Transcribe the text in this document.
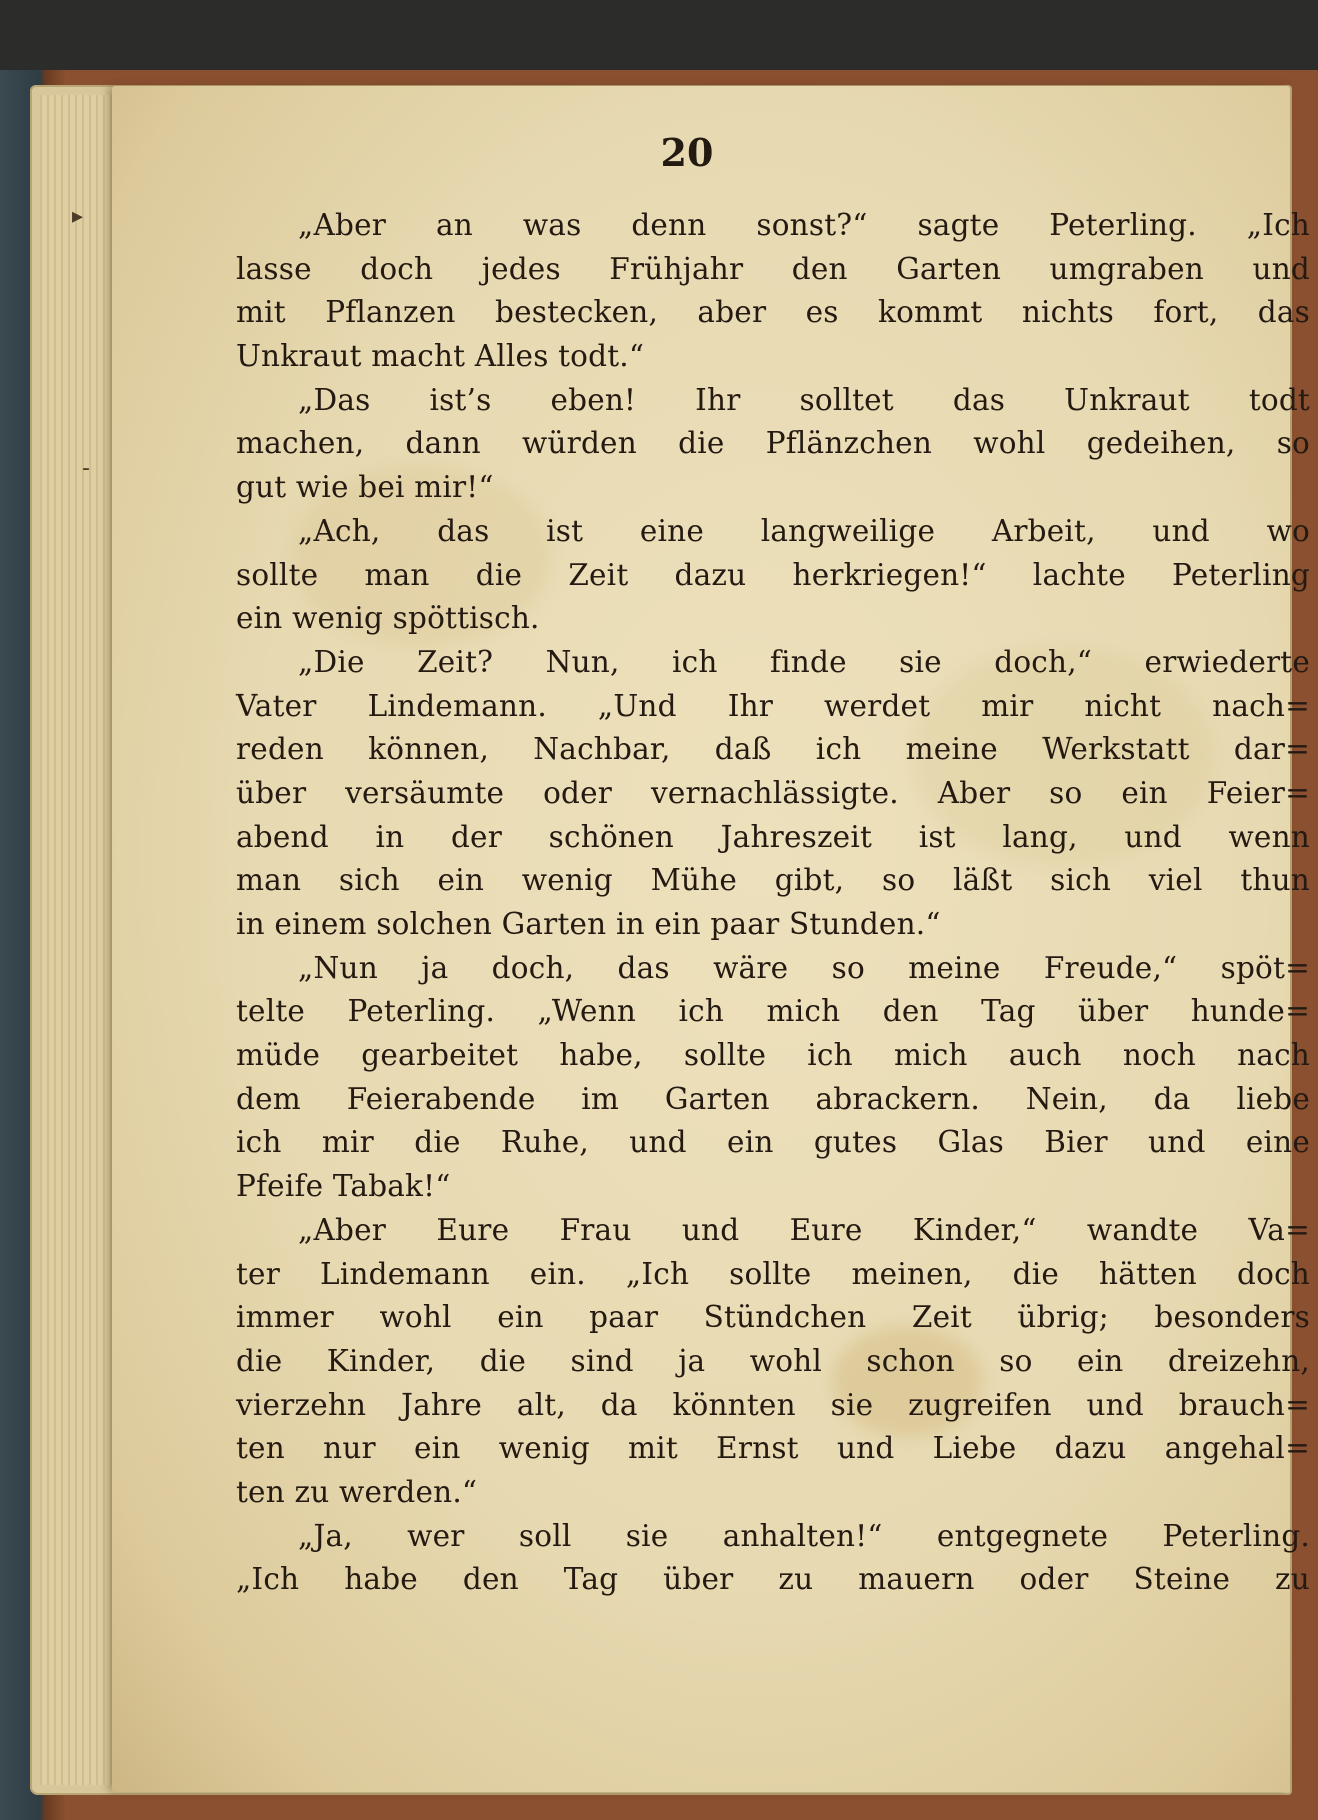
20
▸
-
„Aber an was denn sonst?“ sagte Peterling. „Ich
lasse doch jedes Frühjahr den Garten umgraben und
mit Pflanzen bestecken, aber es kommt nichts fort, das
Unkraut macht Alles todt.“
„Das ist’s eben! Ihr solltet das Unkraut todt
machen, dann würden die Pflänzchen wohl gedeihen, so
gut wie bei mir!“
„Ach, das ist eine langweilige Arbeit, und wo
sollte man die Zeit dazu herkriegen!“ lachte Peterling
ein wenig spöttisch.
„Die Zeit? Nun, ich finde sie doch,“ erwiederte
Vater Lindemann. „Und Ihr werdet mir nicht nach=
reden können, Nachbar, daß ich meine Werkstatt dar=
über versäumte oder vernachlässigte. Aber so ein Feier=
abend in der schönen Jahreszeit ist lang, und wenn
man sich ein wenig Mühe gibt, so läßt sich viel thun
in einem solchen Garten in ein paar Stunden.“
„Nun ja doch, das wäre so meine Freude,“ spöt=
telte Peterling. „Wenn ich mich den Tag über hunde=
müde gearbeitet habe, sollte ich mich auch noch nach
dem Feierabende im Garten abrackern. Nein, da liebe
ich mir die Ruhe, und ein gutes Glas Bier und eine
Pfeife Tabak!“
„Aber Eure Frau und Eure Kinder,“ wandte Va=
ter Lindemann ein. „Ich sollte meinen, die hätten doch
immer wohl ein paar Stündchen Zeit übrig; besonders
die Kinder, die sind ja wohl schon so ein dreizehn,
vierzehn Jahre alt, da könnten sie zugreifen und brauch=
ten nur ein wenig mit Ernst und Liebe dazu angehal=
ten zu werden.“
„Ja, wer soll sie anhalten!“ entgegnete Peterling.
„Ich habe den Tag über zu mauern oder Steine zu
